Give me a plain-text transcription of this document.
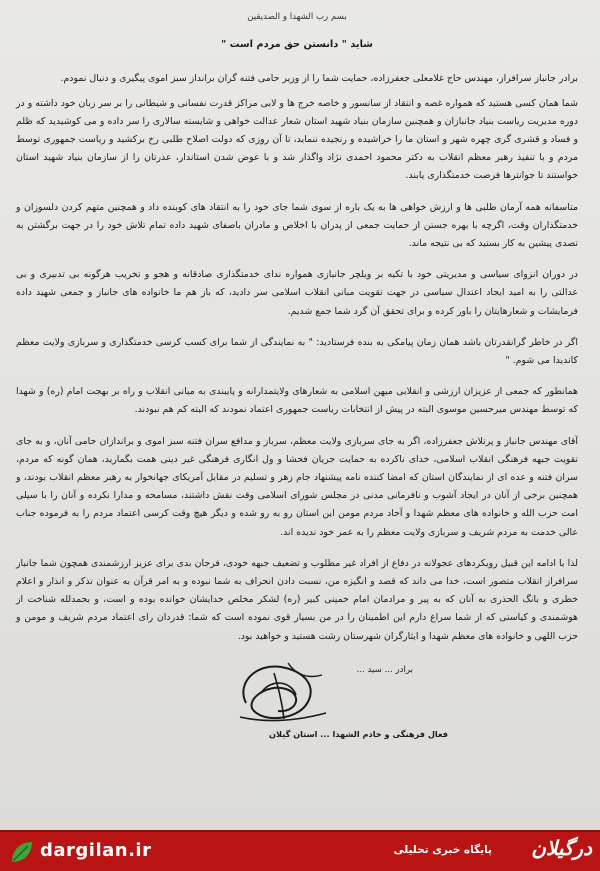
بسم رب الشهدا و الصدیقین
شاید " دانستن حق مردم است "

برادر جانباز سرافراز، مهندس حاج غلامعلی جعفرزاده، حمایت شما را از وزیر حامی فتنه گران برانداز سبز اموی پیگیری و دنبال نمودم.

شما همان کسی هستید که همواره غصه و انتقاد از سانسور و خاصه خرج ها و لابی مراکز قدرت نفسانی و شیطانی را بر سر زبان خود داشته و در دوره مدیریت ریاست بنیاد جانبازان و همچنین سازمان بنیاد شهید استان شعار عدالت خواهی و شایسته سالاری را سر داده و می کوشیدید که ظلم و فساد و قشری گری چهره شهر و استان ما را خراشیده و رنجیده ننماید، تا آن روزی که دولت اصلاح طلبی رخ برکشید و ریاست جمهوری توسط مردم و با تنفیذ رهبر معظم انقلاب به دکتر محمود احمدی نژاد واگذار شد و با عوض شدن استاندار، عذرتان را از سازمان بنیاد شهید استان خواستند تا جوانترها فرصت خدمتگذاری یابند.

متاسفانه همه آرمان طلبی ها و ارزش خواهی ها به یک باره از سوی شما جای خود را به انتقاد های کوبنده داد و همچنین متهم کردن دلسوزان و خدمتگذاران وقت، اگرچه با بهره جستن از حمایت جمعی از پدران با اخلاص و مادران باصفای شهید داده تمام تلاش خود را در جهت برگشتن به تصدی پیشین به کار بستید که بی نتیجه ماند.

در دوران انزوای سیاسی و مدیریتی خود با تکیه بر ویلچر جانبازی همواره ندای خدمتگذاری صادقانه و هجو و تخریب هرگونه بی تدبیری و بی عدالتی را به امید ایجاد اعتدال سیاسی در جهت تقویت مبانی انقلاب اسلامی سر دادید، که باز هم ما خانواده های جانباز و جمعی شهید داده فرمایشات و شعارهایتان را باور کرده و برای تحقق آن گرد شما جمع شدیم.

اگر در خاطر گرانقدرتان باشد همان زمان پیامکی به بنده فرستادید: " به نمایندگی از شما برای کسب کرسی خدمتگذاری و سربازی ولایت معظم کاندیدا می شوم. "

همانطور که جمعی از عزیزان ارزشی و انقلابی میهن اسلامی به شعارهای ولایتمدارانه و پایبندی به مبانی انقلاب و راه بر بهجت امام (ره) و شهدا که توسط مهندس میرحسین موسوی البته در پیش از انتخابات ریاست جمهوری اعتماد نمودند که البته کم هم نبودند.

آقای مهندس جانباز و پرتلاش جعفرزاده، اگر به جای سربازی ولایت معظم، سرباز و مدافع سران فتنه سبز اموی و براندازان حامی آنان، و به جای تقویت جبهه فرهنگی انقلاب اسلامی، خدای ناکرده به حمایت جریان فحشا و ول انگاری فرهنگی غیر دینی همت بگمارید، همان گونه که مردم، سران فتنه و عده ای از نمایندگان استان که امضا کننده نامه پیشنهاد جام زهر و تسلیم در مقابل آمریکای جهانخوار به رهبر معظم انقلاب بودند، و همچنین برخی از آنان در ایجاد آشوب و نافرمانی مدنی در مجلس شورای اسلامی وقت نقش داشتند، مسامحه و مدارا نکرده و آنان را با سیلی امت حزب الله و خانواده های معظم شهدا و آحاد مردم مومن این استان رو به رو شده و دیگر هیچ وقت کرسی اعتماد مردم را به فرموده جناب عالی خدمت به مردم شریف و سربازی ولایت معظم را به عمر خود ندیده اند.

لذا با ادامه این قبیل رویکردهای عجولانه در دفاع از افراد غیر مطلوب و تضعیف جبهه خودی، فرجان بدی برای عزیز ارزشمندی همچون شما جانباز سرافراز انقلاب متصور است، خدا می داند که قصد و انگیزه من، نسبت دادن انحراف به شما نبوده و به امر قرآن به عنوان تذکر و انذار و اعلام خطری و بانگ الحذری به آنان که به پیر و مرادمان امام خمینی کبیر (ره) لشکر مخلص خدایشان خوانده بوده و است، و بحمدلله شناخت از هوشمندی و کیاستی که از شما سراغ دارم این اطمینان را در من بسیار قوی نموده است که شما: قدردان رای اعتماد مردم شریف و مومن و حزب اللهی و خانواده های معظم شهدا و ایثارگران شهرستان رشت هستید و خواهید بود.

برادر ... سید ...
فعال فرهنگی و خادم الشهدا ... استان گیلان
dargilan.ir	پایگاه خبری تحلیلی درگیلان
